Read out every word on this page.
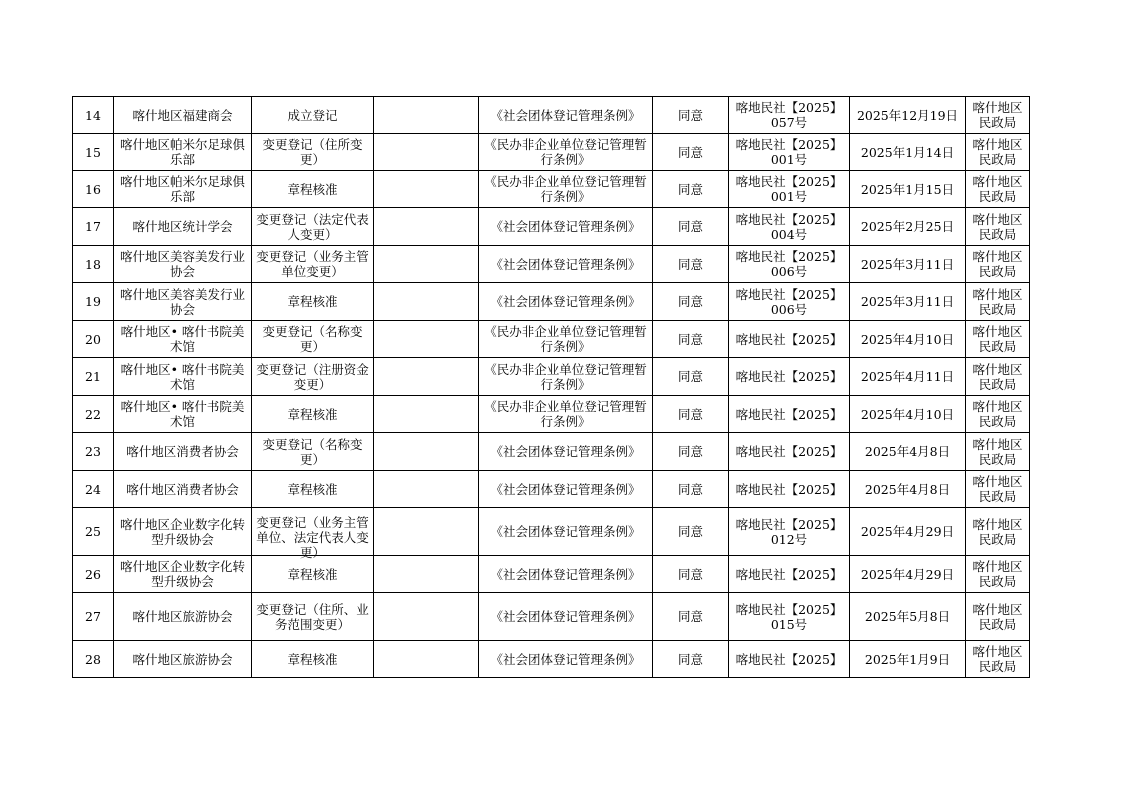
14	喀什地区福建商会	成立登记		《社会团体登记管理条例》	同意	喀地民社【2025】057号	2025年12月19日	喀什地区民政局

15	喀什地区帕米尔足球俱乐部	变更登记（住所变更）		《民办非企业单位登记管理暂行条例》	同意	喀地民社【2025】001号	2025年1月14日	喀什地区民政局

16	喀什地区帕米尔足球俱乐部	章程核准		《民办非企业单位登记管理暂行条例》	同意	喀地民社【2025】001号	2025年1月15日	喀什地区民政局

17	喀什地区统计学会	变更登记（法定代表人变更）		《社会团体登记管理条例》	同意	喀地民社【2025】004号	2025年2月25日	喀什地区民政局

18	喀什地区美容美发行业协会	变更登记（业务主管单位变更）		《社会团体登记管理条例》	同意	喀地民社【2025】006号	2025年3月11日	喀什地区民政局

19	喀什地区美容美发行业协会	章程核准		《社会团体登记管理条例》	同意	喀地民社【2025】006号	2025年3月11日	喀什地区民政局

20	喀什地区• 喀什书院美术馆	变更登记（名称变更）		《民办非企业单位登记管理暂行条例》	同意	喀地民社【2025】	2025年4月10日	喀什地区民政局

21	喀什地区• 喀什书院美术馆	变更登记（注册资金变更）		《民办非企业单位登记管理暂行条例》	同意	喀地民社【2025】	2025年4月11日	喀什地区民政局

22	喀什地区• 喀什书院美术馆	章程核准		《民办非企业单位登记管理暂行条例》	同意	喀地民社【2025】	2025年4月10日	喀什地区民政局

23	喀什地区消费者协会	变更登记（名称变更）		《社会团体登记管理条例》	同意	喀地民社【2025】	2025年4月8日	喀什地区民政局

24	喀什地区消费者协会	章程核准		《社会团体登记管理条例》	同意	喀地民社【2025】	2025年4月8日	喀什地区民政局

25	喀什地区企业数字化转型升级协会	变更登记（业务主管单位、法定代表人变更）		《社会团体登记管理条例》	同意	喀地民社【2025】012号	2025年4月29日	喀什地区民政局

26	喀什地区企业数字化转型升级协会	章程核准		《社会团体登记管理条例》	同意	喀地民社【2025】	2025年4月29日	喀什地区民政局

27	喀什地区旅游协会	变更登记（住所、业务范围变更）		《社会团体登记管理条例》	同意	喀地民社【2025】015号	2025年5月8日	喀什地区民政局

28	喀什地区旅游协会	章程核准		《社会团体登记管理条例》	同意	喀地民社【2025】	2025年1月9日	喀什地区民政局
